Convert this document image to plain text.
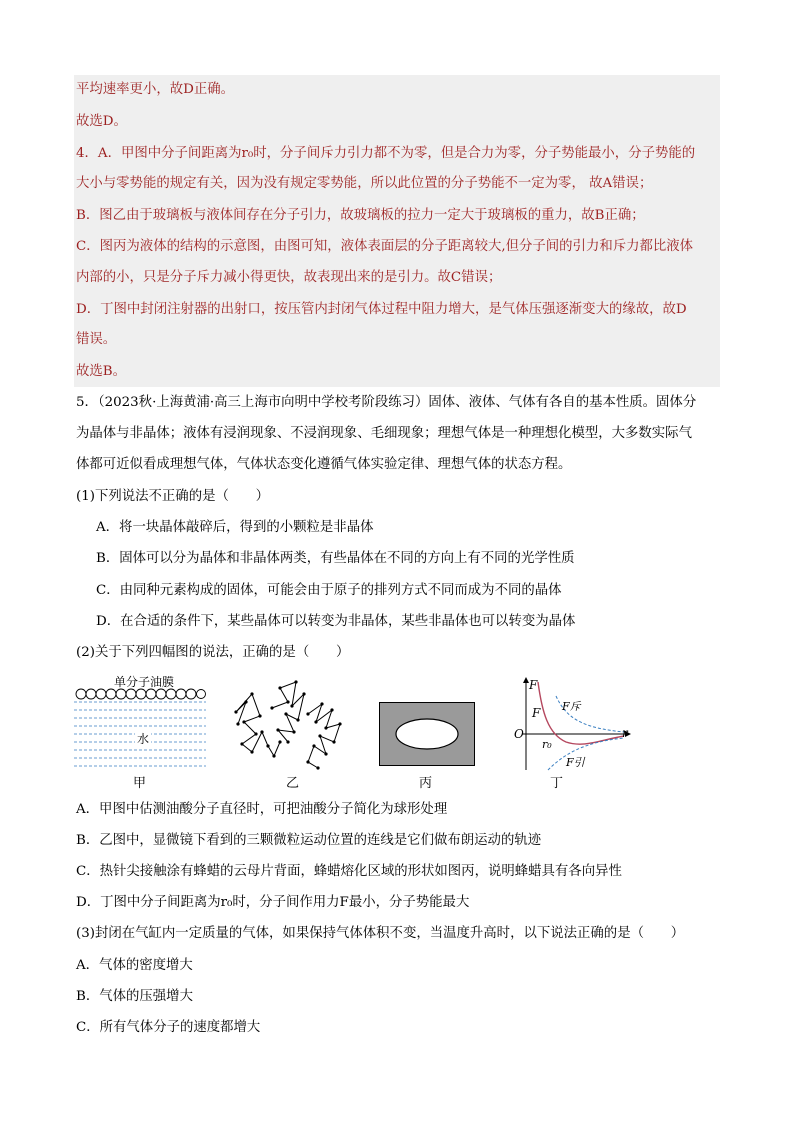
平均速率更小，故D正确。
故选D。
4．A．甲图中分子间距离为r₀时，分子间斥力引力都不为零，但是合力为零，分子势能最小，分子势能的
大小与零势能的规定有关，因为没有规定零势能，所以此位置的分子势能不一定为零， 故A错误；
B．图乙由于玻璃板与液体间存在分子引力，故玻璃板的拉力一定大于玻璃板的重力，故B正确；
C．图丙为液体的结构的示意图，由图可知，液体表面层的分子距离较大,但分子间的引力和斥力都比液体
内部的小，只是分子斥力减小得更快，故表现出来的是引力。故C错误；
D．丁图中封闭注射器的出射口，按压管内封闭气体过程中阻力增大，是气体压强逐渐变大的缘故，故D
错误。
故选B。
5．（2023秋·上海黄浦·高三上海市向明中学校考阶段练习）固体、液体、气体有各自的基本性质。固体分
为晶体与非晶体；液体有浸润现象、不浸润现象、毛细现象；理想气体是一种理想化模型，大多数实际气
体都可近似看成理想气体，气体状态变化遵循气体实验定律、理想气体的状态方程。
(1)下列说法不正确的是（　　）
A．将一块晶体敲碎后，得到的小颗粒是非晶体
B．固体可以分为晶体和非晶体两类，有些晶体在不同的方向上有不同的光学性质
C．由同种元素构成的固体，可能会由于原子的排列方式不同而成为不同的晶体
D．在合适的条件下，某些晶体可以转变为非晶体，某些非晶体也可以转变为晶体
(2)关于下列四幅图的说法，正确的是（　　）
单分子油膜
水
甲	乙	丙
F
F斥
F
O	r
r₀
F引
丁
A．甲图中估测油酸分子直径时，可把油酸分子简化为球形处理
B．乙图中，显微镜下看到的三颗微粒运动位置的连线是它们做布朗运动的轨迹
C．热针尖接触涂有蜂蜡的云母片背面，蜂蜡熔化区域的形状如图丙，说明蜂蜡具有各向异性
D．丁图中分子间距离为r₀时，分子间作用力F最小，分子势能最大
(3)封闭在气缸内一定质量的气体，如果保持气体体积不变，当温度升高时，以下说法正确的是（　　）
A．气体的密度增大
B．气体的压强增大
C．所有气体分子的速度都增大
